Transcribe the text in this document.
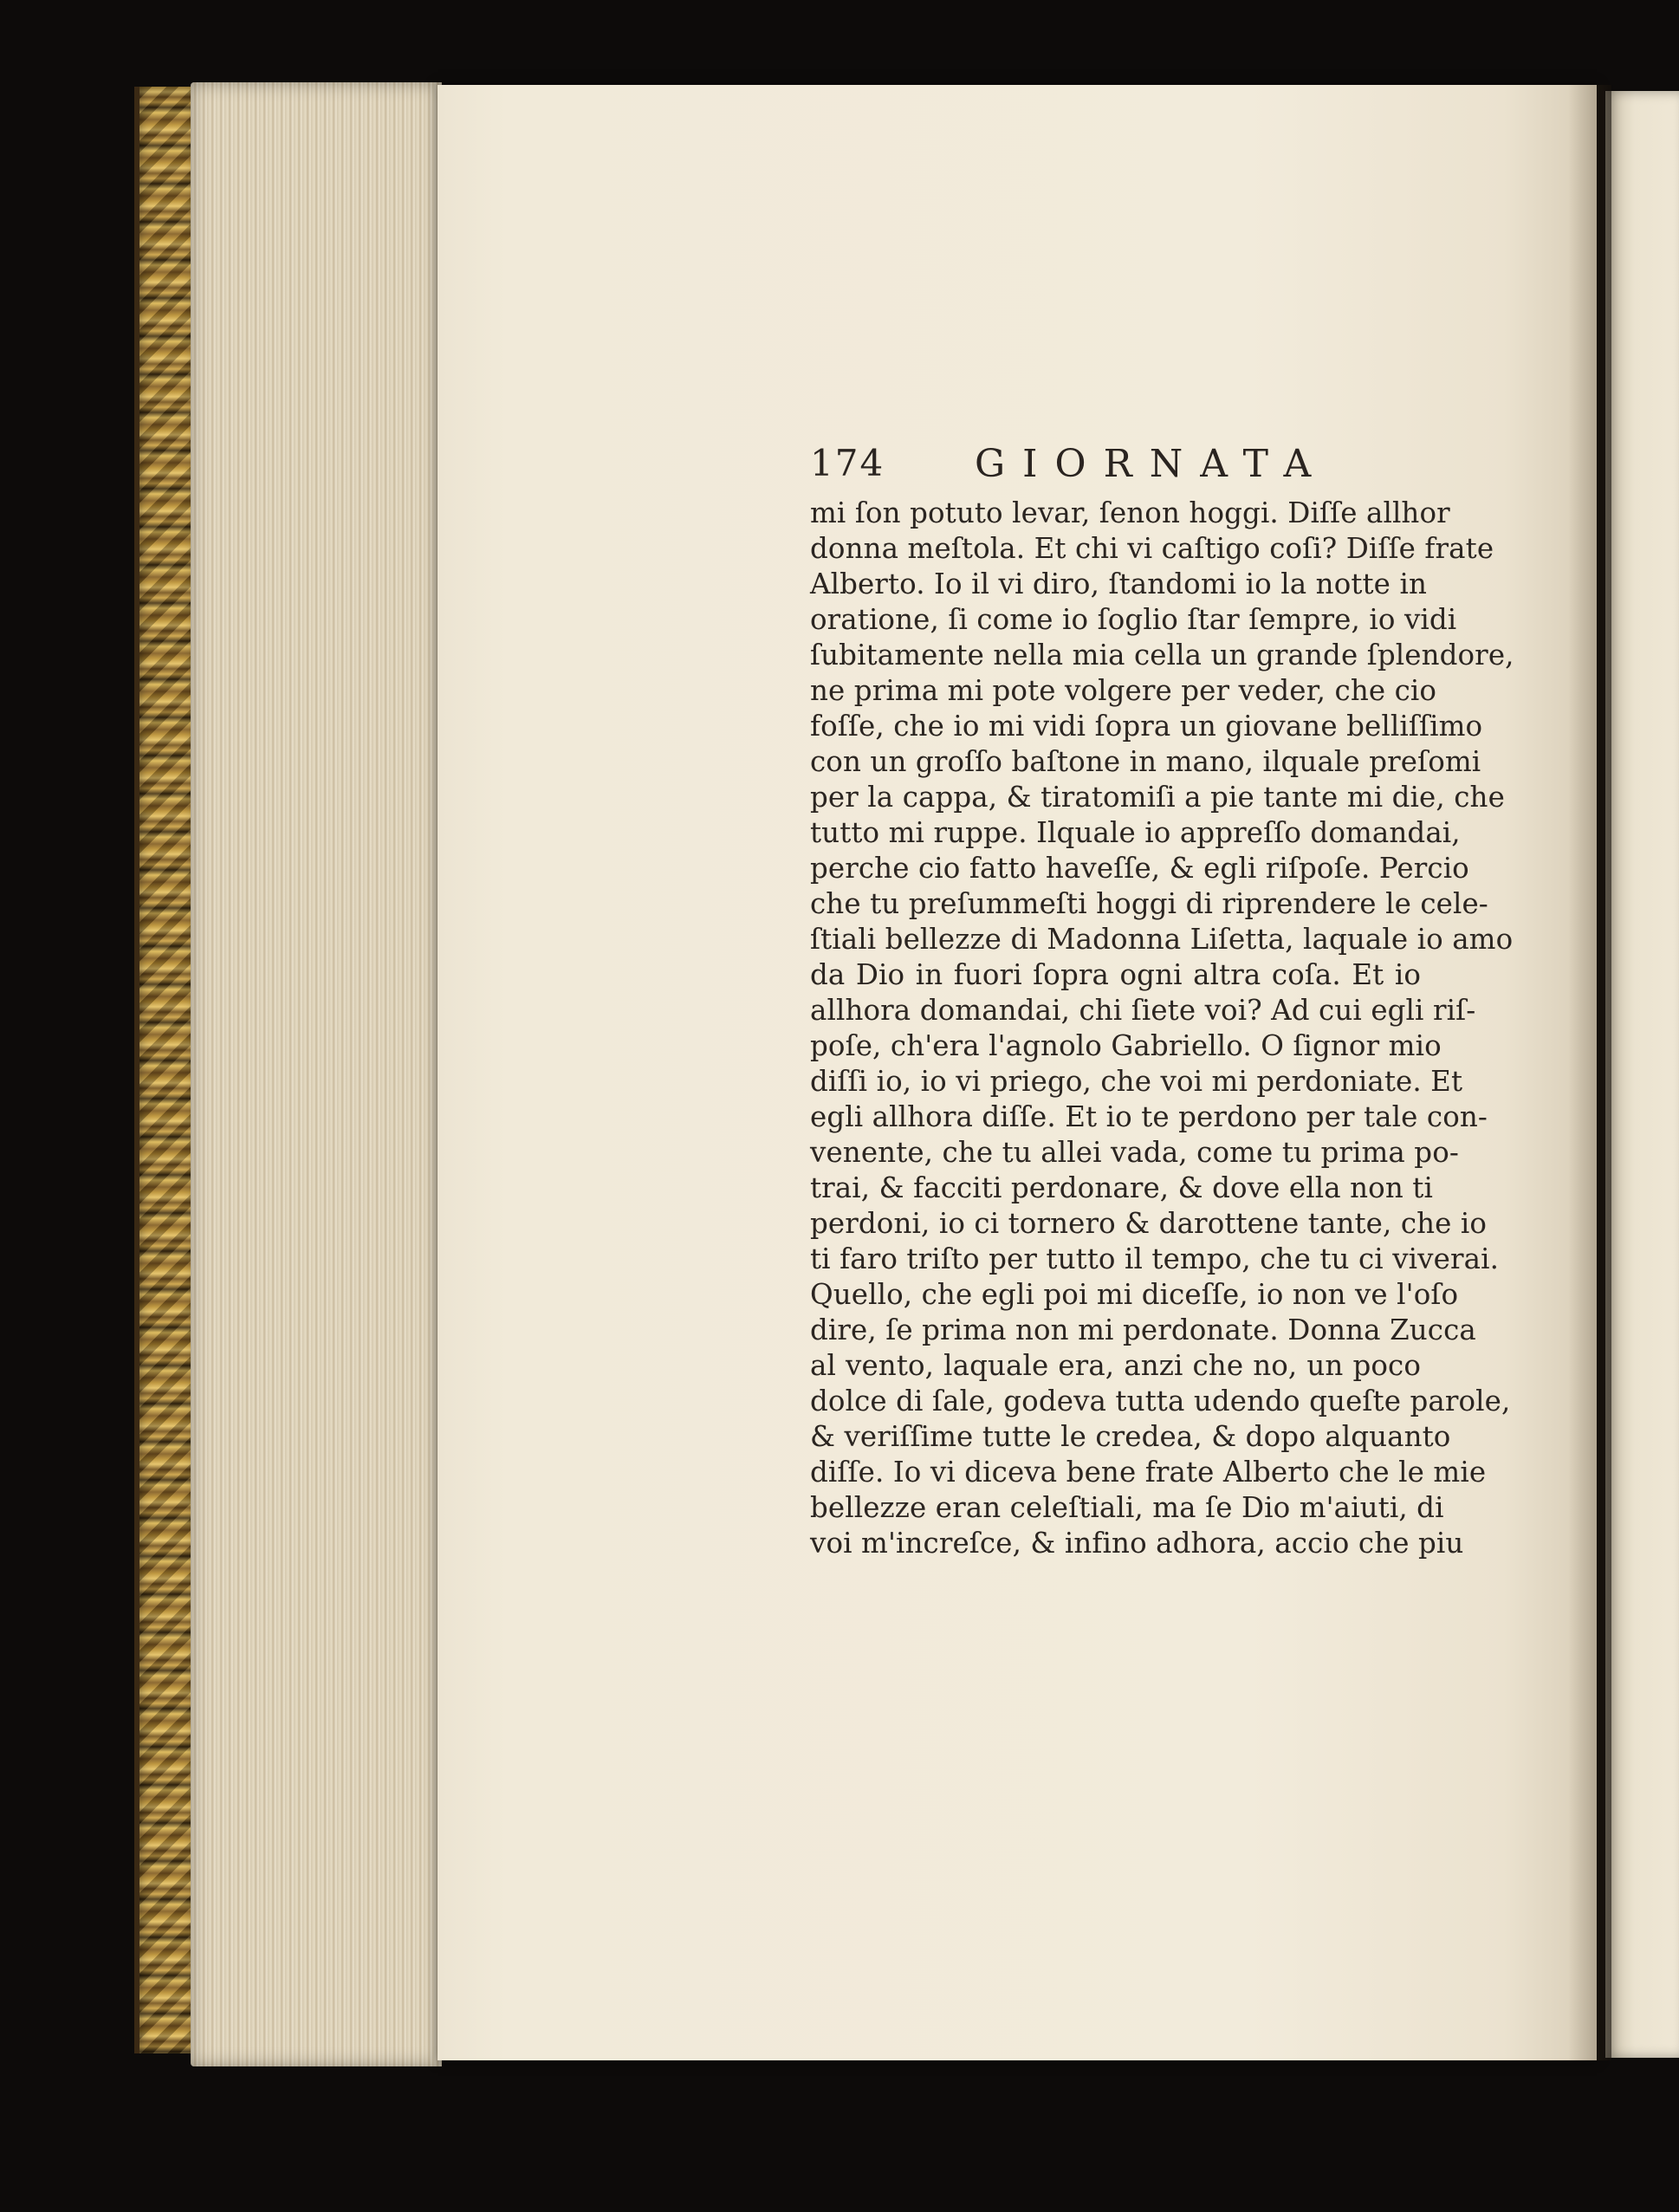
174 GIORNATA
mi ſon potuto levar, ſenon hoggi. Diſſe allhor
donna meſtola. Et chi vi caſtigo coſi? Diſſe frate
Alberto. Io il vi diro, ſtandomi io la notte in
oratione, ſi come io ſoglio ſtar ſempre, io vidi
ſubitamente nella mia cella un grande ſplendore,
ne prima mi pote volgere per veder, che cio
foſſe, che io mi vidi ſopra un giovane belliſſimo
con un groſſo baſtone in mano, ilquale preſomi
per la cappa, & tiratomiſi a pie tante mi die, che
tutto mi ruppe. Ilquale io appreſſo domandai,
perche cio fatto haveſſe, & egli riſpoſe. Percio
che tu preſummeſti hoggi di riprendere le cele-
ſtiali bellezze di Madonna Liſetta, laquale io amo
da Dio in fuori ſopra ogni altra coſa. Et io
allhora domandai, chi ſiete voi? Ad cui egli riſ-
poſe, ch'era l'agnolo Gabriello. O ſignor mio
diſſi io, io vi priego, che voi mi perdoniate. Et
egli allhora diſſe. Et io te perdono per tale con-
venente, che tu allei vada, come tu prima po-
trai, & facciti perdonare, & dove ella non ti
perdoni, io ci tornero & darottene tante, che io
ti faro triſto per tutto il tempo, che tu ci viverai.
Quello, che egli poi mi diceſſe, io non ve l'oſo
dire, ſe prima non mi perdonate. Donna Zucca
al vento, laquale era, anzi che no, un poco
dolce di ſale, godeva tutta udendo queſte parole,
& veriſſime tutte le credea, & dopo alquanto
diſſe. Io vi diceva bene frate Alberto che le mie
bellezze eran celeſtiali, ma ſe Dio m'aiuti, di
voi m'increſce, & infino adhora, accio che piu
